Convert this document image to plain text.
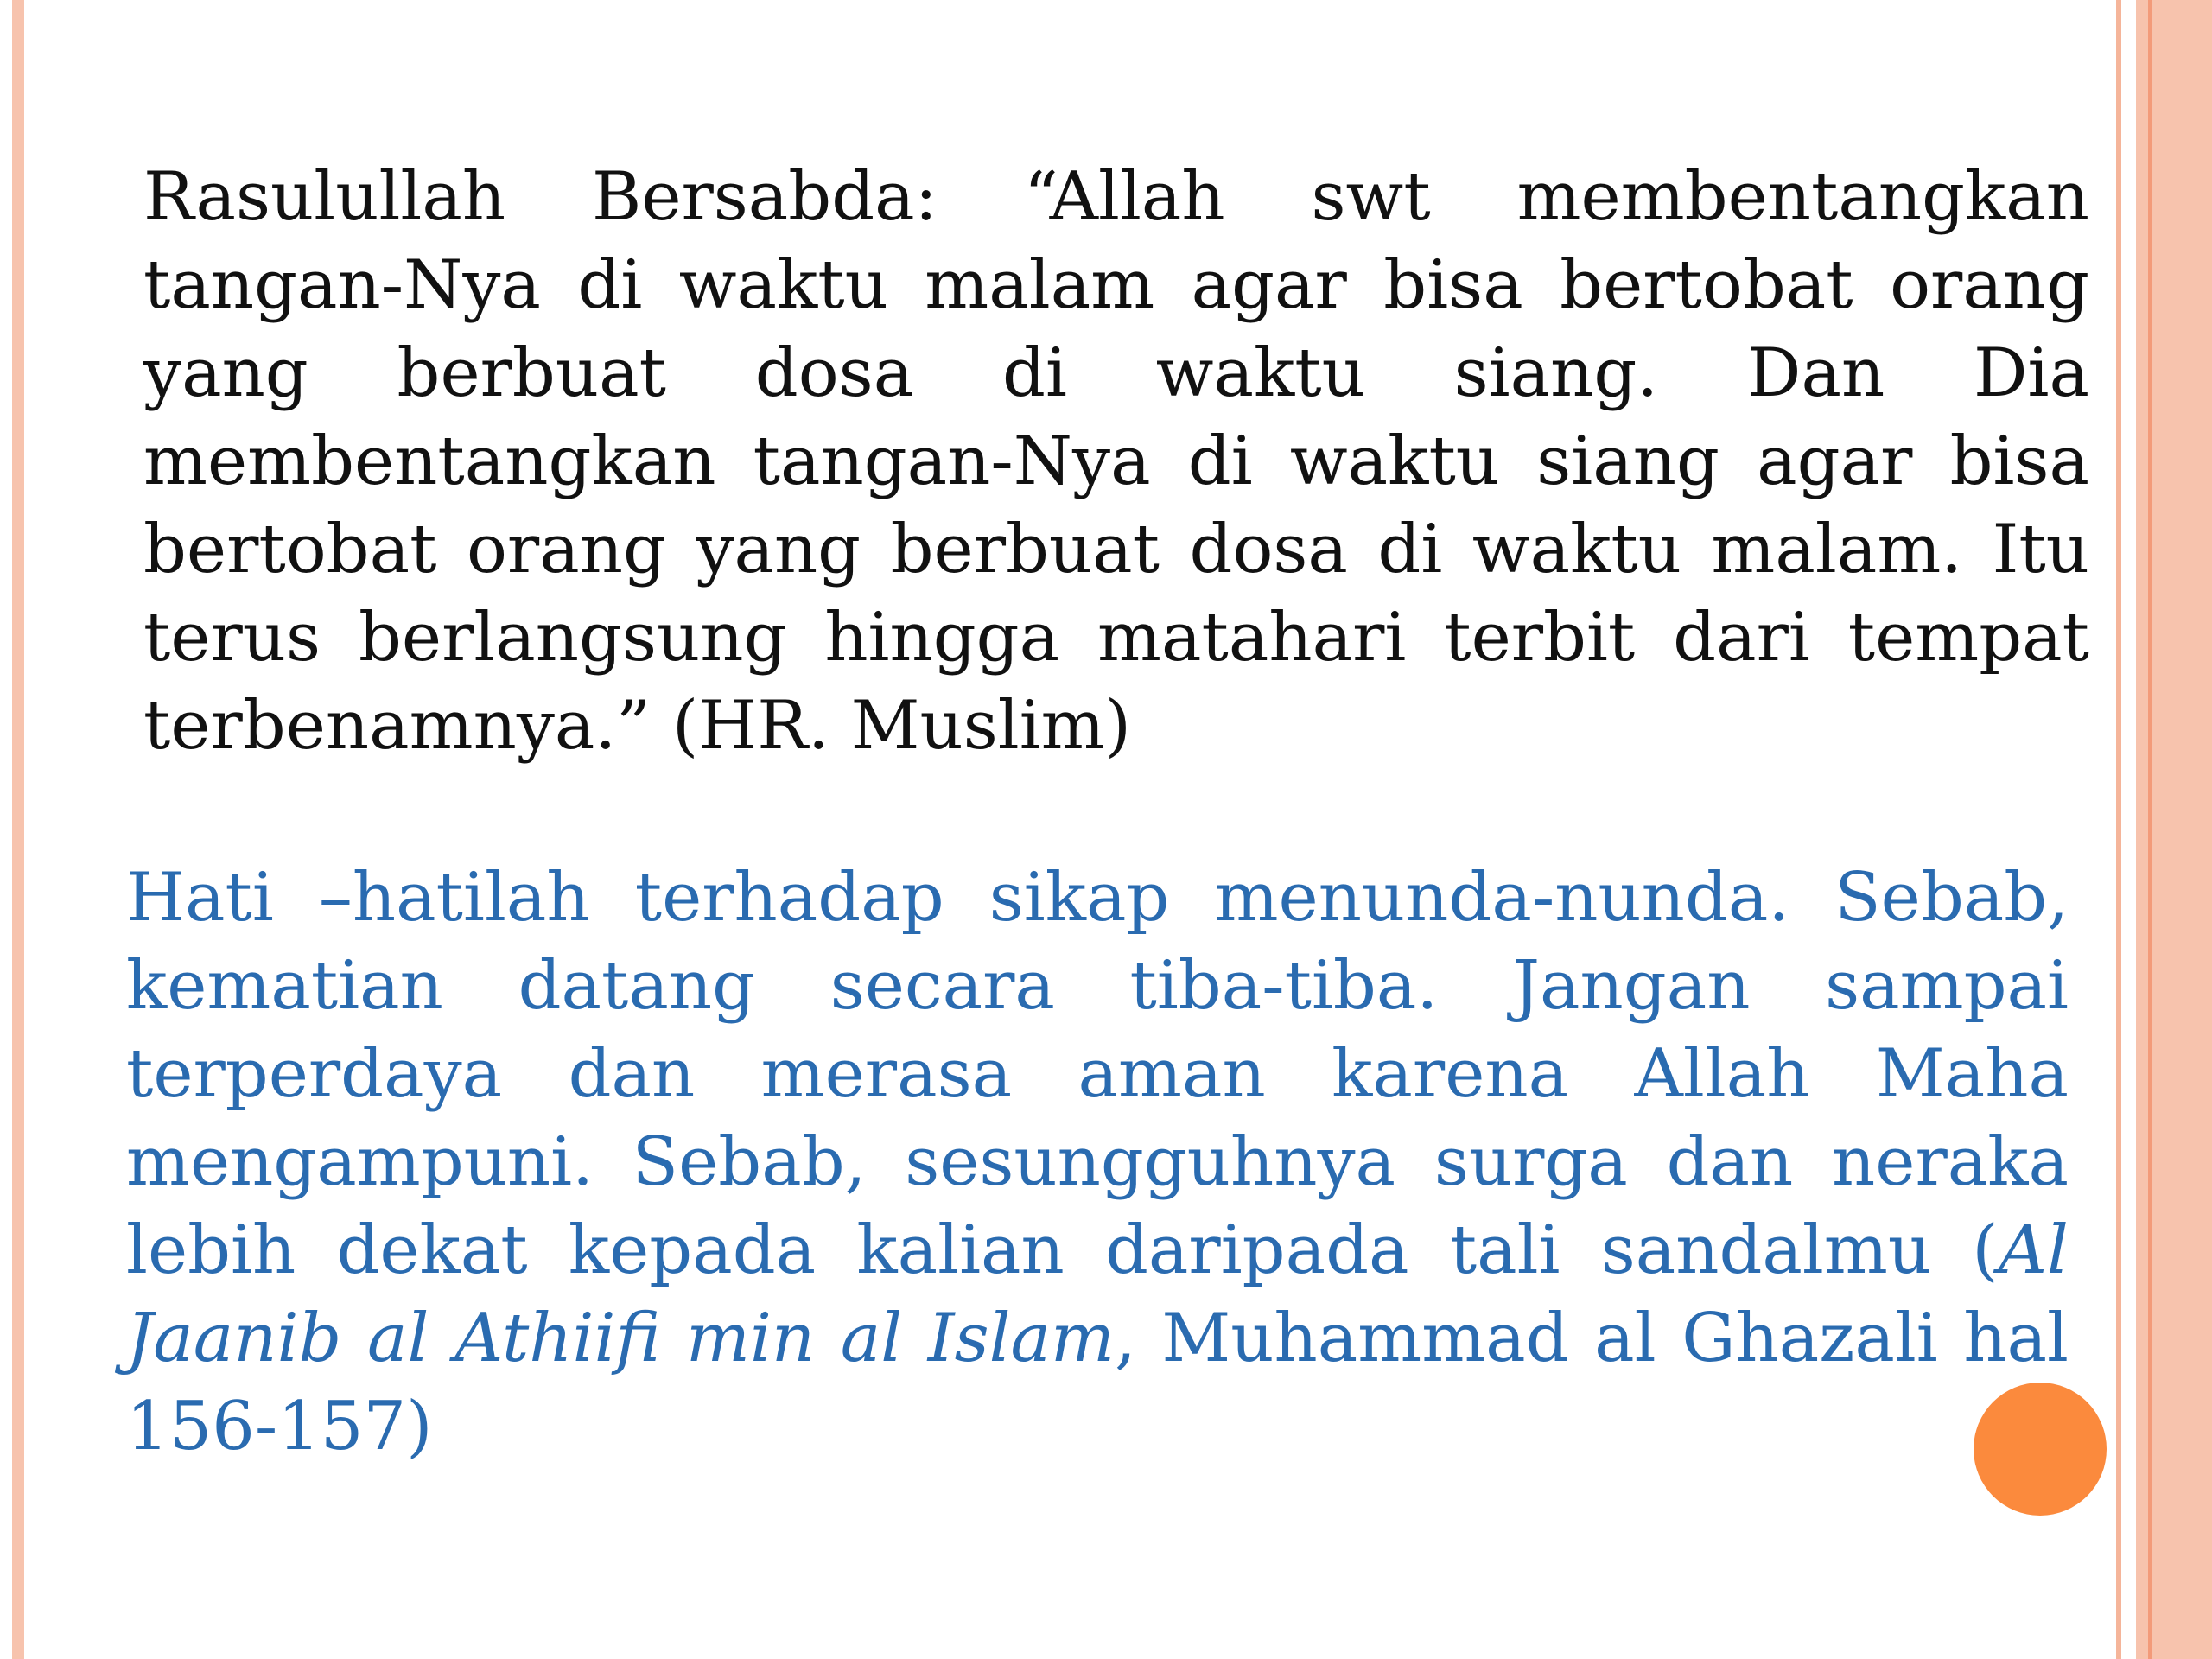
Rasulullah Bersabda: “Allah swt membentangkan tangan-Nya di waktu malam agar bisa bertobat orang yang berbuat dosa di waktu siang. Dan Dia membentangkan tangan-Nya di waktu siang agar bisa bertobat orang yang berbuat dosa di waktu malam. Itu terus berlangsung hingga matahari terbit dari tempat terbenamnya.” (HR. Muslim)

Hati –hatilah terhadap sikap menunda-nunda. Sebab, kematian datang secara tiba-tiba. Jangan sampai terperdaya dan merasa aman karena Allah Maha mengampuni. Sebab, sesungguhnya surga dan neraka lebih dekat kepada kalian daripada tali sandalmu (Al Jaanib al Athiifi min al Islam, Muhammad al Ghazali hal 156-157)
